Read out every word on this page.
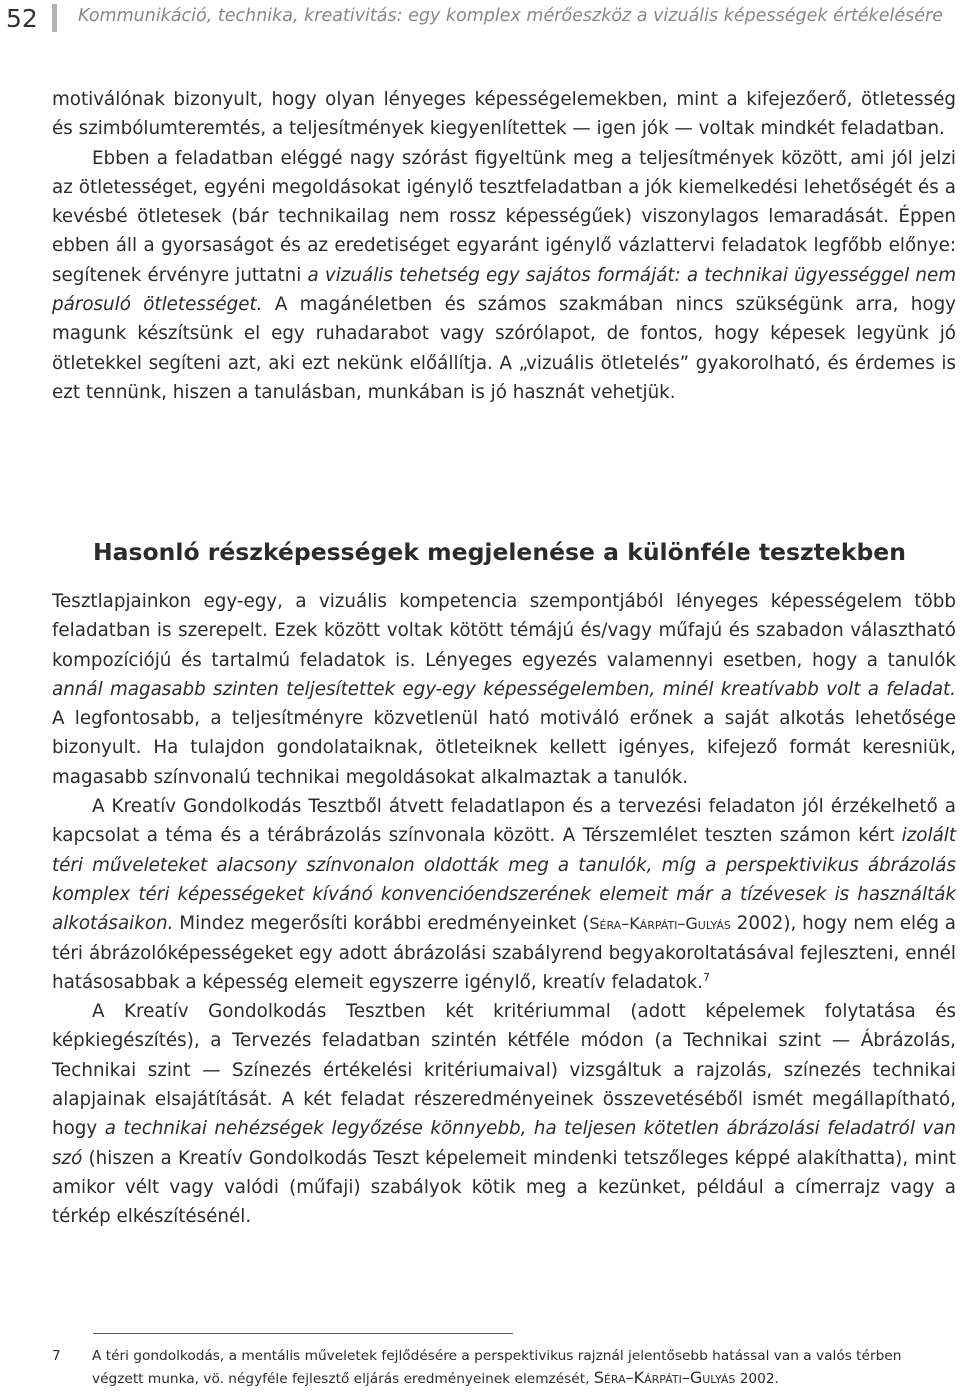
52 Kommunikáció, technika, kreativitás: egy komplex mérőeszköz a vizuális képességek értékelésére

motiválónak bizonyult, hogy olyan lényeges képességelemekben, mint a kifejezőerő, ötletesség és szimbólumteremtés, a teljesítmények kiegyenlítettek — igen jók — voltak mindkét feladatban.

Ebben a feladatban eléggé nagy szórást figyeltünk meg a teljesítmények között, ami jól jelzi az ötletességet, egyéni megoldásokat igénylő tesztfeladatban a jók kiemelkedési lehetőségét és a kevésbé ötletesek (bár technikailag nem rossz képességűek) viszonylagos lemaradását. Éppen ebben áll a gyorsaságot és az eredetiséget egyaránt igénylő vázlattervi feladatok legfőbb előnye: segítenek érvényre juttatni a vizuális tehetség egy sajátos formáját: a technikai ügyességgel nem párosuló ötletességet. A magánéletben és számos szakmában nincs szükségünk arra, hogy magunk készítsünk el egy ruhadarabot vagy szórólapot, de fontos, hogy képesek legyünk jó ötletekkel segíteni azt, aki ezt nekünk előállítja. A „vizuális ötletelés” gyakorolható, és érdemes is ezt tennünk, hiszen a tanulásban, munkában is jó hasznát vehetjük.

Hasonló részképességek megjelenése a különféle tesztekben

Tesztlapjainkon egy-egy, a vizuális kompetencia szempontjából lényeges képességelem több feladatban is szerepelt. Ezek között voltak kötött témájú és/vagy műfajú és szabadon választható kompozíciójú és tartalmú feladatok is. Lényeges egyezés valamennyi esetben, hogy a tanulók annál magasabb szinten teljesítettek egy-egy képességelemben, minél kreatívabb volt a feladat. A legfontosabb, a teljesítményre közvetlenül ható motiváló erőnek a saját alkotás lehetősége bizonyult. Ha tulajdon gondolataiknak, ötleteiknek kellett igényes, kifejező formát keresniük, magasabb színvonalú technikai megoldásokat alkalmaztak a tanulók.

A Kreatív Gondolkodás Tesztből átvett feladatlapon és a tervezési feladaton jól érzékelhető a kapcsolat a téma és a térábrázolás színvonala között. A Térszemlélet teszten számon kért izolált téri műveleteket alacsony színvonalon oldották meg a tanulók, míg a perspektivikus ábrázolás komplex téri képességeket kívánó konvencióendszerének elemeit már a tízévesek is használták alkotásaikon. Mindez megerősíti korábbi eredményeinket (Séra–Kárpáti–Gulyás 2002), hogy nem elég a téri ábrázolóképességeket egy adott ábrázolási szabályrend begyakoroltatásával fejleszteni, ennél hatásosabbak a képesség elemeit egyszerre igénylő, kreatív feladatok.$^7$

A Kreatív Gondolkodás Tesztben két kritériummal (adott képelemek folytatása és képkiegészítés), a Tervezés feladatban szintén kétféle módon (a Technikai szint — Ábrázolás, Technikai szint — Színezés értékelési kritériumaival) vizsgáltuk a rajzolás, színezés technikai alapjainak elsajátítását. A két feladat részeredményeinek összevetéséből ismét megállapítható, hogy a technikai nehézségek legyőzése könnyebb, ha teljesen kötetlen ábrázolási feladatról van szó (hiszen a Kreatív Gondolkodás Teszt képelemeit mindenki tetszőleges képpé alakíthatta), mint amikor vélt vagy valódi (műfaji) szabályok kötik meg a kezünket, például a címerrajz vagy a térkép elkészítésénél.

7 A téri gondolkodás, a mentális műveletek fejlődésére a perspektivikus rajznál jelentősebb hatással van a valós térben végzett munka, vö. négyféle fejlesztő eljárás eredményeinek elemzését, Séra–Kárpáti–Gulyás 2002.
